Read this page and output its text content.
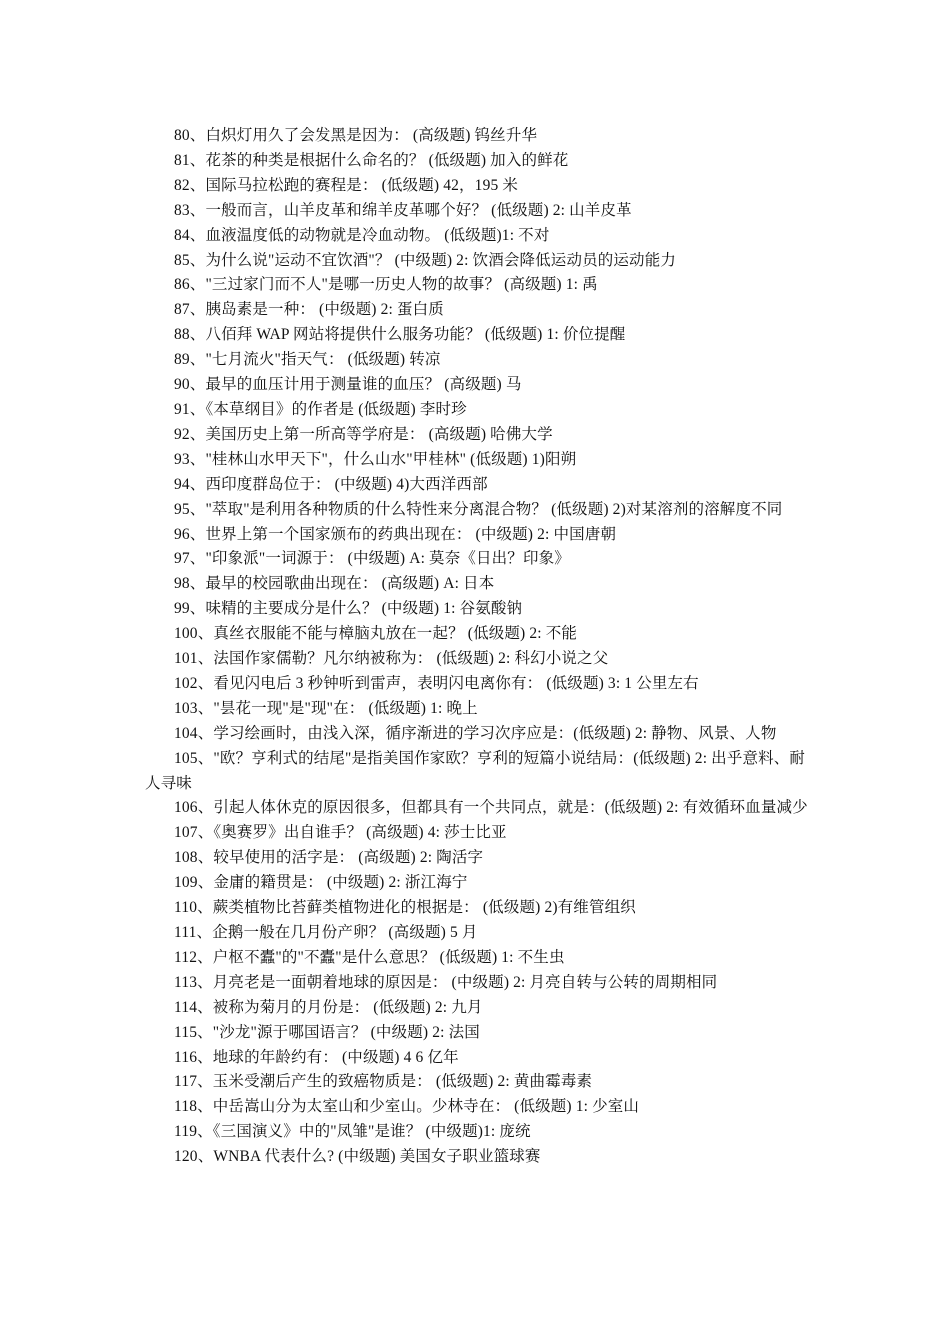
80、白炽灯用久了会发黑是因为： (高级题) 钨丝升华

81、花茶的种类是根据什么命名的？ (低级题) 加入的鲜花

82、国际马拉松跑的赛程是： (低级题) 42，195 米

83、一般而言，山羊皮革和绵羊皮革哪个好？ (低级题) 2: 山羊皮革

84、血液温度低的动物就是冷血动物。 (低级题)1: 不对

85、为什么说"运动不宜饮酒"？ (中级题) 2: 饮酒会降低运动员的运动能力

86、"三过家门而不人"是哪一历史人物的故事？ (高级题) 1: 禹

87、胰岛素是一种： (中级题) 2: 蛋白质

88、八佰拜 WAP 网站将提供什么服务功能？ (低级题) 1: 价位提醒

89、"七月流火"指天气： (低级题) 转凉

90、最早的血压计用于测量谁的血压？ (高级题) 马

91、《本草纲目》的作者是 (低级题) 李时珍

92、美国历史上第一所高等学府是： (高级题) 哈佛大学

93、"桂林山水甲天下"，什么山水"甲桂林" (低级题) 1)阳朔

94、西印度群岛位于： (中级题) 4)大西洋西部

95、"萃取"是利用各种物质的什么特性来分离混合物？ (低级题) 2)对某溶剂的溶解度不同

96、世界上第一个国家颁布的药典出现在： (中级题) 2: 中国唐朝

97、"印象派"一词源于： (中级题) A: 莫奈《日出？印象》

98、最早的校园歌曲出现在： (高级题) A: 日本

99、味精的主要成分是什么？ (中级题) 1: 谷氨酸钠

100、真丝衣服能不能与樟脑丸放在一起？ (低级题) 2: 不能

101、法国作家儒勒？凡尔纳被称为： (低级题) 2: 科幻小说之父

102、看见闪电后 3 秒钟听到雷声，表明闪电离你有： (低级题) 3: 1 公里左右

103、"昙花一现"是"现"在： (低级题) 1: 晚上

104、学习绘画时，由浅入深，循序渐进的学习次序应是：(低级题) 2: 静物、风景、人物

105、"欧？亨利式的结尾"是指美国作家欧？亨利的短篇小说结局：(低级题) 2: 出乎意料、耐人寻味

106、引起人体休克的原因很多，但都具有一个共同点，就是：(低级题) 2: 有效循环血量减少

107、《奥赛罗》出自谁手？ (高级题) 4: 莎士比亚

108、较早使用的活字是： (高级题) 2: 陶活字

109、金庸的籍贯是： (中级题) 2: 浙江海宁

110、蕨类植物比苔藓类植物进化的根据是： (低级题) 2)有维管组织

111、企鹅一般在几月份产卵？ (高级题) 5 月

112、户枢不蠹"的"不蠹"是什么意思？ (低级题) 1: 不生虫

113、月亮老是一面朝着地球的原因是： (中级题) 2: 月亮自转与公转的周期相同

114、被称为菊月的月份是： (低级题) 2: 九月

115、"沙龙"源于哪国语言？ (中级题) 2: 法国

116、地球的年龄约有： (中级题) 4 6 亿年

117、玉米受潮后产生的致癌物质是： (低级题) 2: 黄曲霉毒素

118、中岳嵩山分为太室山和少室山。少林寺在： (低级题) 1: 少室山

119、《三国演义》中的"凤雏"是谁？ (中级题)1: 庞统

120、WNBA 代表什么? (中级题) 美国女子职业篮球赛
